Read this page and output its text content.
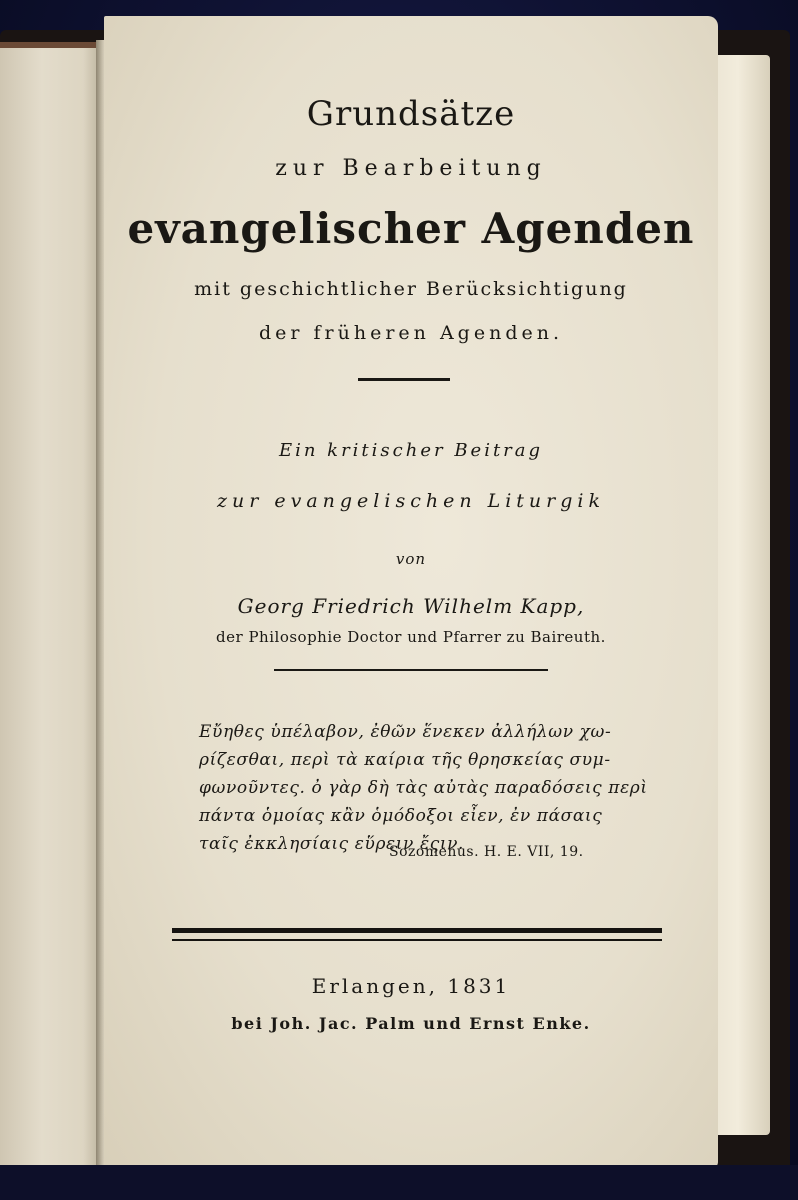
Grundsätze
zur Bearbeitung
evangelischer Agenden
mit geschichtlicher Berücksichtigung
der früheren Agenden.
Ein kritischer Beitrag
zur evangelischen Liturgik
von
Georg Friedrich Wilhelm Kapp,
der Philosophie Doctor und Pfarrer zu Baireuth.
Εὔηθες ὑπέλαβον, ἐθῶν ἕνεκεν ἀλλήλων χω-
ρίζεσθαι, περὶ τὰ καίρια τῆς θρησκείας συμ-
φωνοῦντες. ὀ γὰρ δὴ τὰς αὐτὰς παραδόσεις περὶ
πάντα ὁμοίας κἂν ὁμόδοξοι εἶεν, ἐν πάσαις
ταῖς ἐκκλησίαις εὕρειν ἔςιν.
Sozomenus. H. E. VII, 19.
Erlangen, 1831
bei Joh. Jac. Palm und Ernst Enke.
